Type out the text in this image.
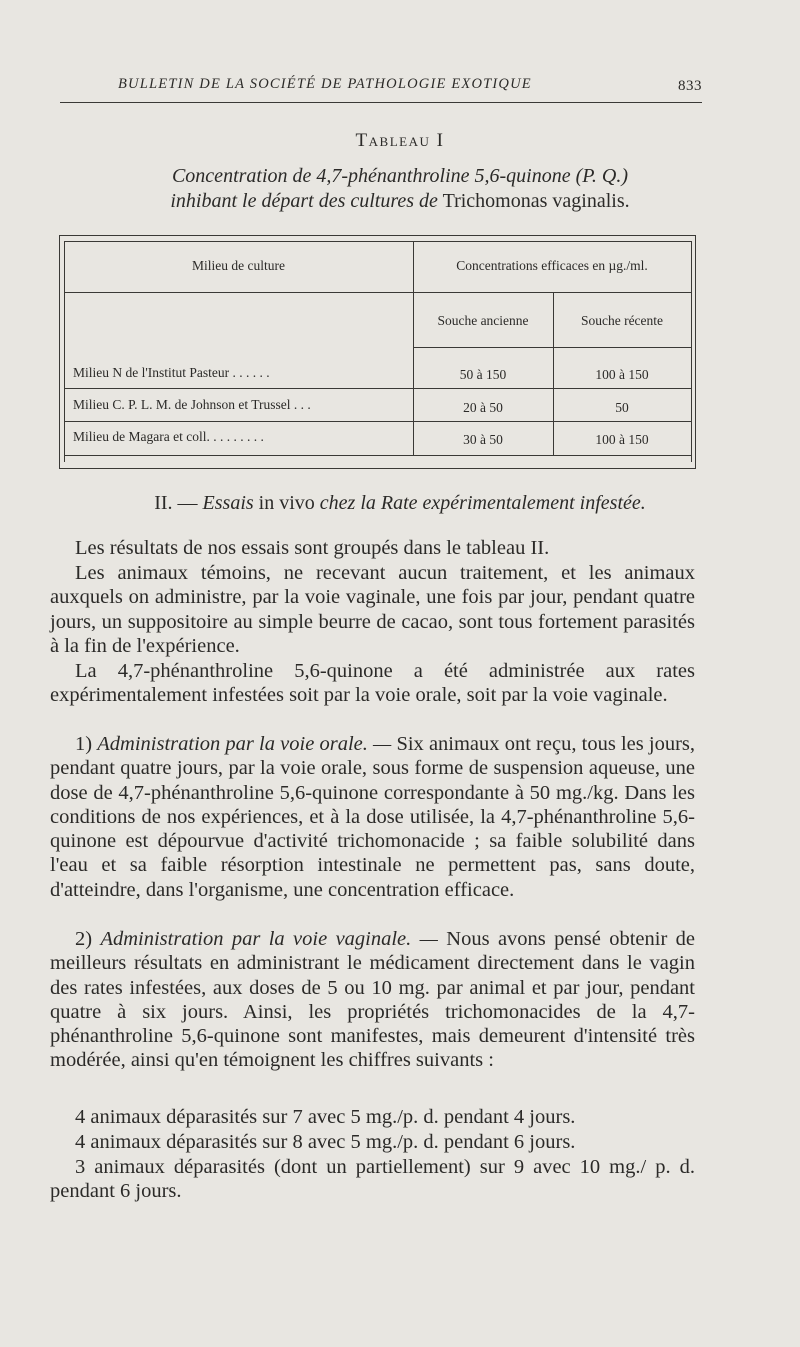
BULLETIN DE LA SOCIÉTÉ DE PATHOLOGIE EXOTIQUE	833
Tableau I
Concentration de 4,7-phénanthroline 5,6-quinone (P. Q.)
inhibant le départ des cultures de Trichomonas vaginalis.
Milieu de culture	Concentrations efficaces en µg./ml.
Souche ancienne	Souche récente
Milieu N de l'Institut Pasteur . . . . . .	50 à 150	100 à 150
Milieu C. P. L. M. de Johnson et Trussel . . .	20 à 50	50
Milieu de Magara et coll. . . . . . . . .	30 à 50	100 à 150
II. — Essais in vivo chez la Rate expérimentalement infestée.
Les résultats de nos essais sont groupés dans le tableau II.
Les animaux témoins, ne recevant aucun traitement, et les animaux auxquels on administre, par la voie vaginale, une fois par jour, pendant quatre jours, un suppositoire au simple beurre de cacao, sont tous fortement parasités à la fin de l'expérience.
La 4,7-phénanthroline 5,6-quinone a été administrée aux rates expérimentalement infestées soit par la voie orale, soit par la voie vaginale.
1) Administration par la voie orale. — Six animaux ont reçu, tous les jours, pendant quatre jours, par la voie orale, sous forme de suspension aqueuse, une dose de 4,7-phénanthroline 5,6-quinone correspondante à 50 mg./kg. Dans les conditions de nos expériences, et à la dose utilisée, la 4,7-phénanthroline 5,6-quinone est dépourvue d'activité trichomonacide ; sa faible solubilité dans l'eau et sa faible résorption intestinale ne permettent pas, sans doute, d'atteindre, dans l'organisme, une concentration efficace.
2) Administration par la voie vaginale. — Nous avons pensé obtenir de meilleurs résultats en administrant le médicament directement dans le vagin des rates infestées, aux doses de 5 ou 10 mg. par animal et par jour, pendant quatre à six jours. Ainsi, les propriétés trichomonacides de la 4,7-phénanthroline 5,6-quinone sont manifestes, mais demeurent d'intensité très modérée, ainsi qu'en témoignent les chiffres suivants :
4 animaux déparasités sur 7 avec 5 mg./p. d. pendant 4 jours.
4 animaux déparasités sur 8 avec 5 mg./p. d. pendant 6 jours.
3 animaux déparasités (dont un partiellement) sur 9 avec 10 mg./ p. d. pendant 6 jours.
